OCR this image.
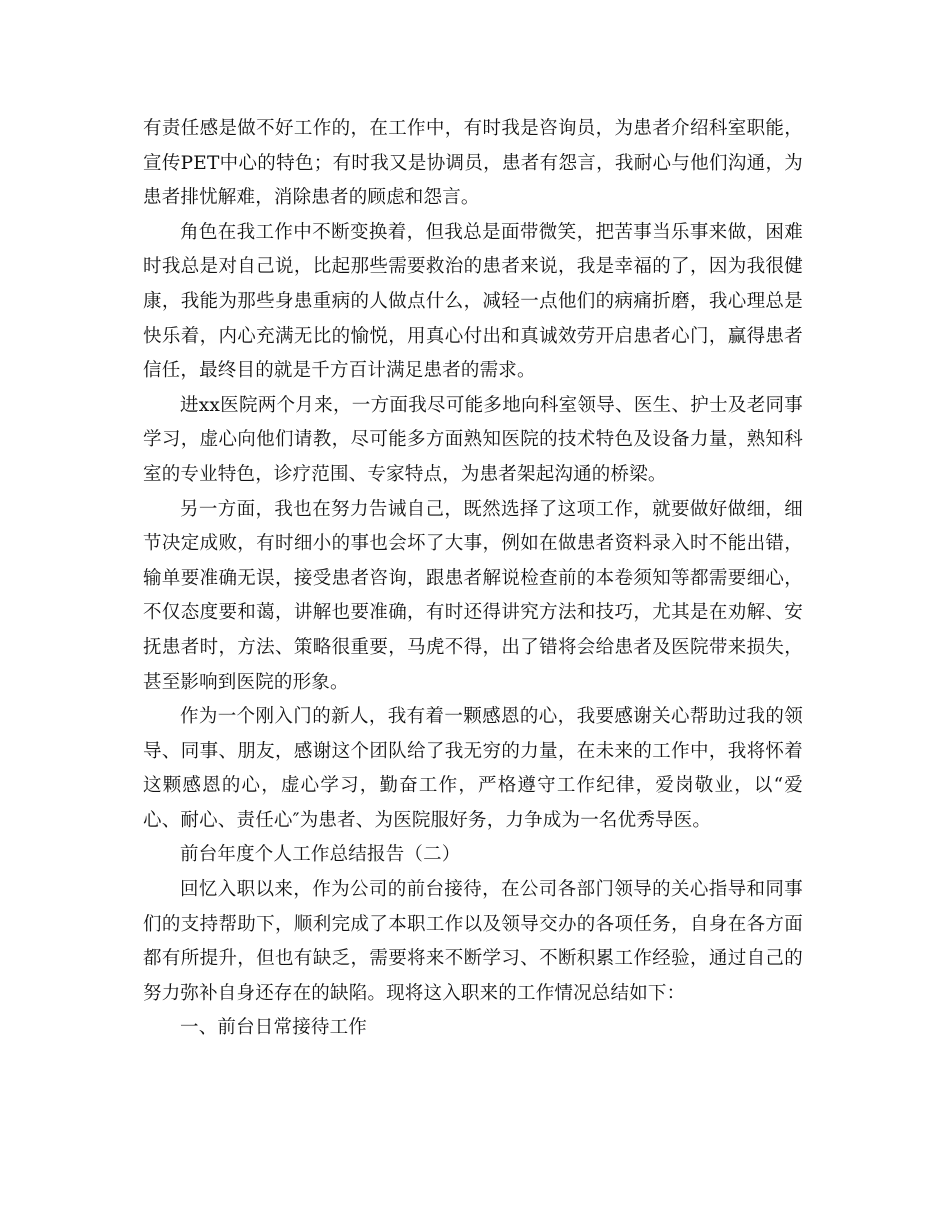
有责任感是做不好工作的，在工作中，有时我是咨询员，为患者介绍科室职能，宣传PET中心的特色；有时我又是协调员，患者有怨言，我耐心与他们沟通，为患者排忧解难，消除患者的顾虑和怨言。

角色在我工作中不断变换着，但我总是面带微笑，把苦事当乐事来做，困难时我总是对自己说，比起那些需要救治的患者来说，我是幸福的了，因为我很健康，我能为那些身患重病的人做点什么，减轻一点他们的病痛折磨，我心理总是快乐着，内心充满无比的愉悦，用真心付出和真诚效劳开启患者心门，赢得患者信任，最终目的就是千方百计满足患者的需求。

进xx医院两个月来，一方面我尽可能多地向科室领导、医生、护士及老同事学习，虚心向他们请教，尽可能多方面熟知医院的技术特色及设备力量，熟知科室的专业特色，诊疗范围、专家特点，为患者架起沟通的桥梁。

另一方面，我也在努力告诫自己，既然选择了这项工作，就要做好做细，细节决定成败，有时细小的事也会坏了大事，例如在做患者资料录入时不能出错，输单要准确无误，接受患者咨询，跟患者解说检查前的本卷须知等都需要细心，不仅态度要和蔼，讲解也要准确，有时还得讲究方法和技巧，尤其是在劝解、安抚患者时，方法、策略很重要，马虎不得，出了错将会给患者及医院带来损失，甚至影响到医院的形象。

作为一个刚入门的新人，我有着一颗感恩的心，我要感谢关心帮助过我的领导、同事、朋友，感谢这个团队给了我无穷的力量，在未来的工作中，我将怀着这颗感恩的心，虚心学习，勤奋工作，严格遵守工作纪律，爱岗敬业，以“爱心、耐心、责任心″为患者、为医院服好务，力争成为一名优秀导医。

前台年度个人工作总结报告（二）

回忆入职以来，作为公司的前台接待，在公司各部门领导的关心指导和同事们的支持帮助下，顺利完成了本职工作以及领导交办的各项任务，自身在各方面都有所提升，但也有缺乏，需要将来不断学习、不断积累工作经验，通过自己的努力弥补自身还存在的缺陷。现将这入职来的工作情况总结如下：

一、前台日常接待工作
